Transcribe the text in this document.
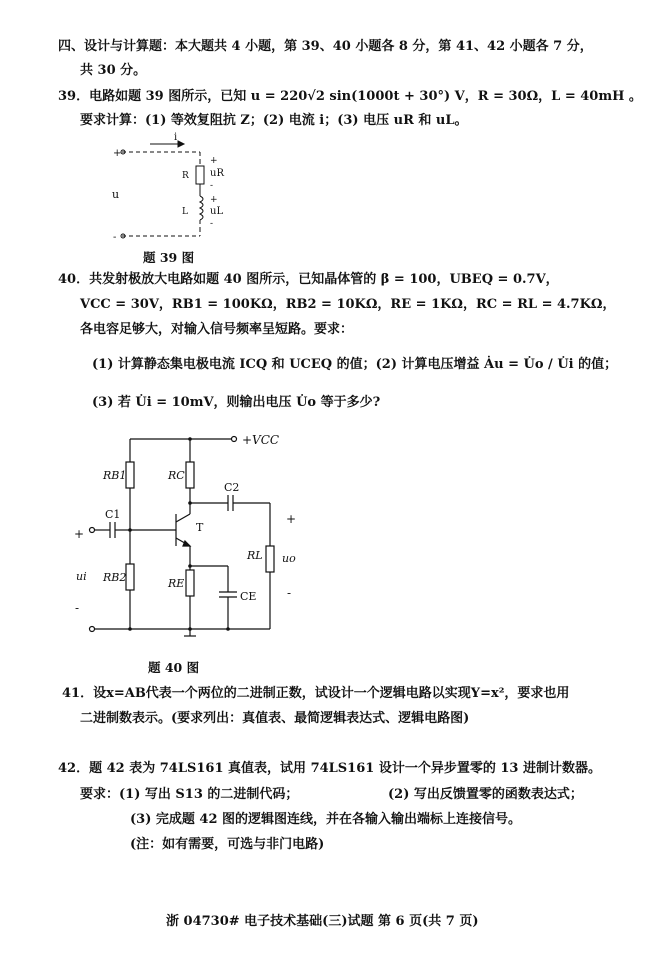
四、设计与计算题：本大题共 4 小题，第 39、40 小题各 8 分，第 41、42 小题各 7 分，
共 30 分。
39．电路如题 39 图所示，已知 u = 220√2 sin(1000t + 30°) V，R = 30Ω，L = 40mH 。
要求计算：(1) 等效复阻抗 Z；(2) 电流 i；(3) 电压 uR 和 uL。
+
-
i
u
R
L
+
uR
-
+
uL
-
题 39 图
40．共发射极放大电路如题 40 图所示，已知晶体管的 β = 100，UBEQ = 0.7V，
VCC = 30V，RB1 = 100KΩ，RB2 = 10KΩ，RE = 1KΩ，RC = RL = 4.7KΩ，
各电容足够大，对输入信号频率呈短路。要求：
(1) 计算静态集电极电流 ICQ 和 UCEQ 的值；(2) 计算电压增益 Ȧu = U̇o / U̇i 的值；
(3) 若 U̇i = 10mV，则输出电压 U̇o 等于多少?
+VCC
RB1
RB2
RC
RE
RL
C1
C2
CE
T
ui
uo
+
-
+
-
题 40 图
41．设x=AB代表一个两位的二进制正数，试设计一个逻辑电路以实现Y=x²，要求也用
二进制数表示。(要求列出：真值表、最简逻辑表达式、逻辑电路图)
42．题 42 表为 74LS161 真值表，试用 74LS161 设计一个异步置零的 13 进制计数器。
要求：(1) 写出 S13 的二进制代码；	(2) 写出反馈置零的函数表达式；
(3) 完成题 42 图的逻辑图连线，并在各输入输出端标上连接信号。
(注：如有需要，可选与非门电路)
浙 04730# 电子技术基础(三)试题 第 6 页(共 7 页)
